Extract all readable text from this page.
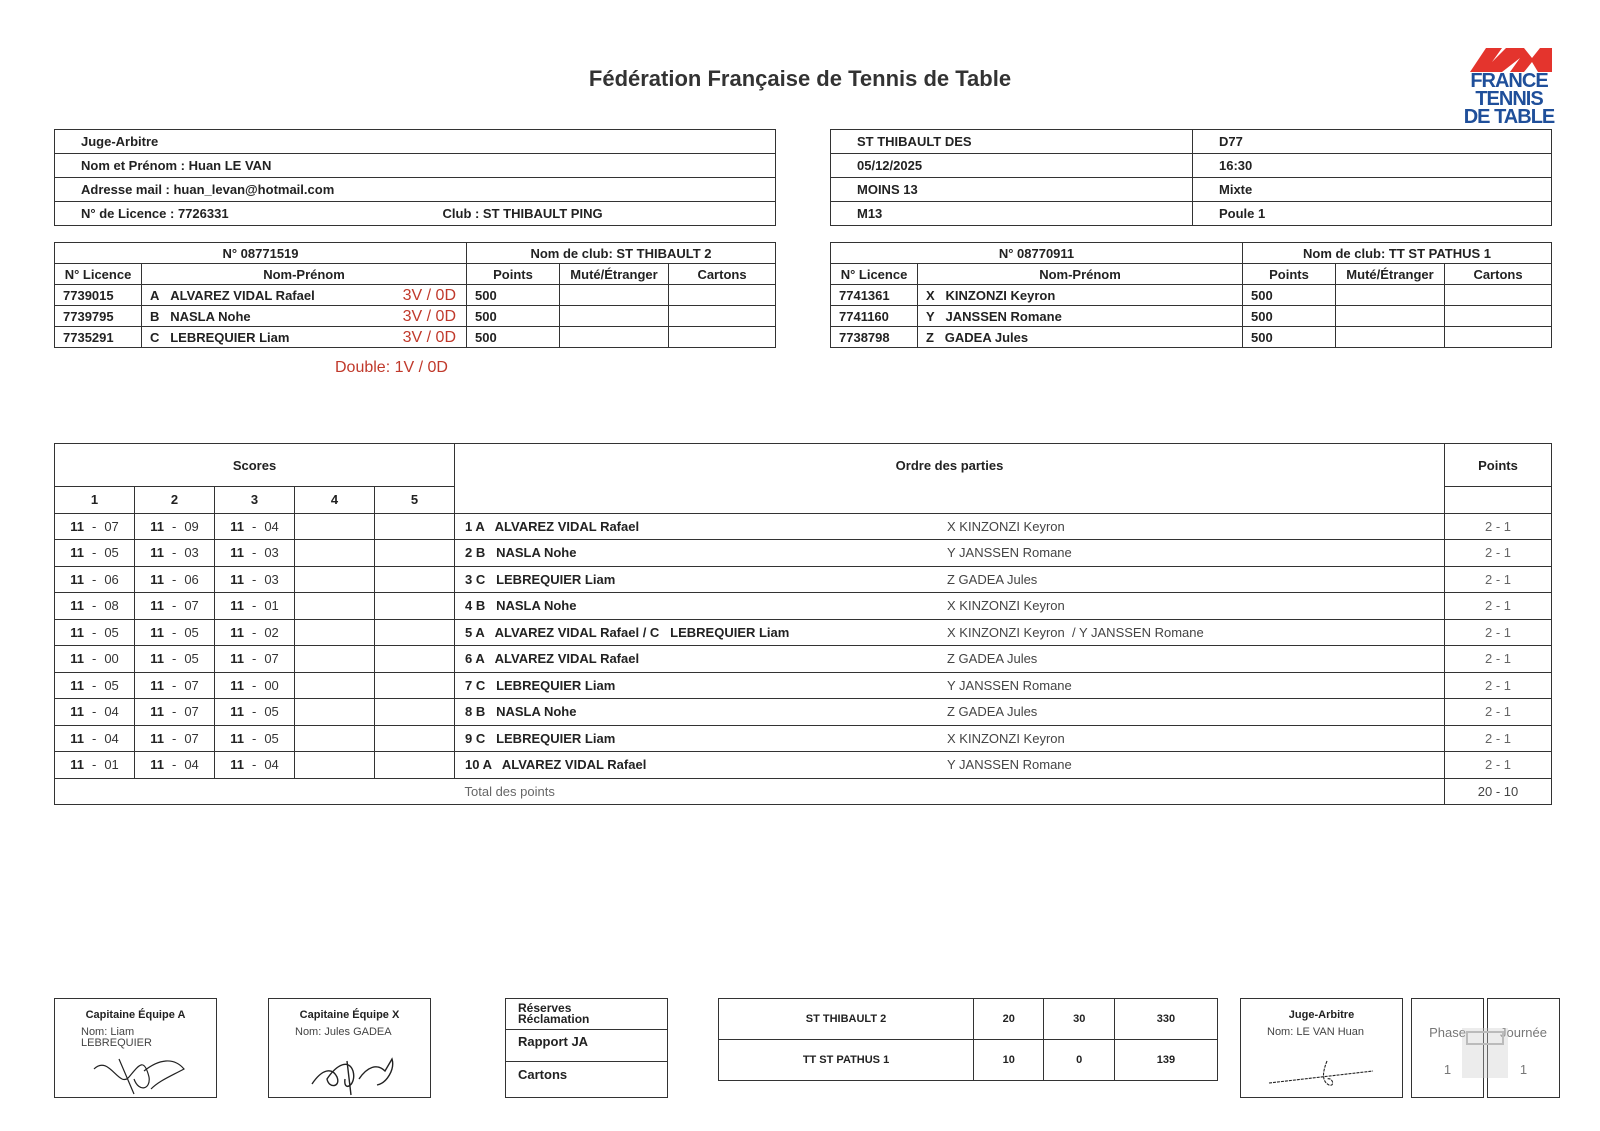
Fédération Française de Tennis de Table	FRANCE
TENNIS
DE TABLE
Juge-Arbitre
Nom et Prénom : Huan LE VAN
Adresse mail : huan_levan@hotmail.com
N° de Licence : 7726331	Club : ST THIBAULT PING
ST THIBAULT DES	D77
05/12/2025	16:30
MOINS 13	Mixte
M13	Poule 1
N° 08771519		Nom de club: ST THIBAULT 2		
N° Licence	Nom-Prénom	Points	Muté/Étranger	Cartons
7739015	A ALVAREZ VIDAL Rafael 3V / 0D	500		
7739795	B NASLA Nohe 3V / 0D	500		
7735291	C LEBREQUIER Liam 3V / 0D	500		
Double: 1V / 0D
N° 08770911		Nom de club: TT ST PATHUS 1		
N° Licence	Nom-Prénom	Points	Muté/Étranger	Cartons
7741361	X KINZONZI Keyron	500		
7741160	Y JANSSEN Romane	500		
7738798	Z GADEA Jules	500		
Scores					Ordre des parties	Points
1	2	3	4	5		
11 - 07	11 - 09	11 - 04			1 A   ALVAREZ VIDAL Rafael X KINZONZI Keyron	2 - 1
11 - 05	11 - 03	11 - 03			2 B   NASLA Nohe Y JANSSEN Romane	2 - 1
11 - 06	11 - 06	11 - 03			3 C   LEBREQUIER Liam Z GADEA Jules	2 - 1
11 - 08	11 - 07	11 - 01			4 B   NASLA Nohe X KINZONZI Keyron	2 - 1
11 - 05	11 - 05	11 - 02			5 A   ALVAREZ VIDAL Rafael / C   LEBREQUIER Liam X KINZONZI Keyron  / Y JANSSEN Romane	2 - 1
11 - 00	11 - 05	11 - 07			6 A   ALVAREZ VIDAL Rafael Z GADEA Jules	2 - 1
11 - 05	11 - 07	11 - 00			7 C   LEBREQUIER Liam Y JANSSEN Romane	2 - 1
11 - 04	11 - 07	11 - 05			8 B   NASLA Nohe Z GADEA Jules	2 - 1
11 - 04	11 - 07	11 - 05			9 C   LEBREQUIER Liam X KINZONZI Keyron	2 - 1
11 - 01	11 - 04	11 - 04			10 A   ALVAREZ VIDAL Rafael Y JANSSEN Romane	2 - 1
					Total des points	20 - 10
Capitaine Équipe A
Nom: Liam
LEBREQUIER
Capitaine Équipe X
Nom: Jules GADEA
Réserves
Réclamation
Rapport JA
Cartons
ST THIBAULT 2	20	30	330
TT ST PATHUS 1	10	0	139
Juge-Arbitre
Nom: LE VAN Huan	Phase
1
Journée
1
